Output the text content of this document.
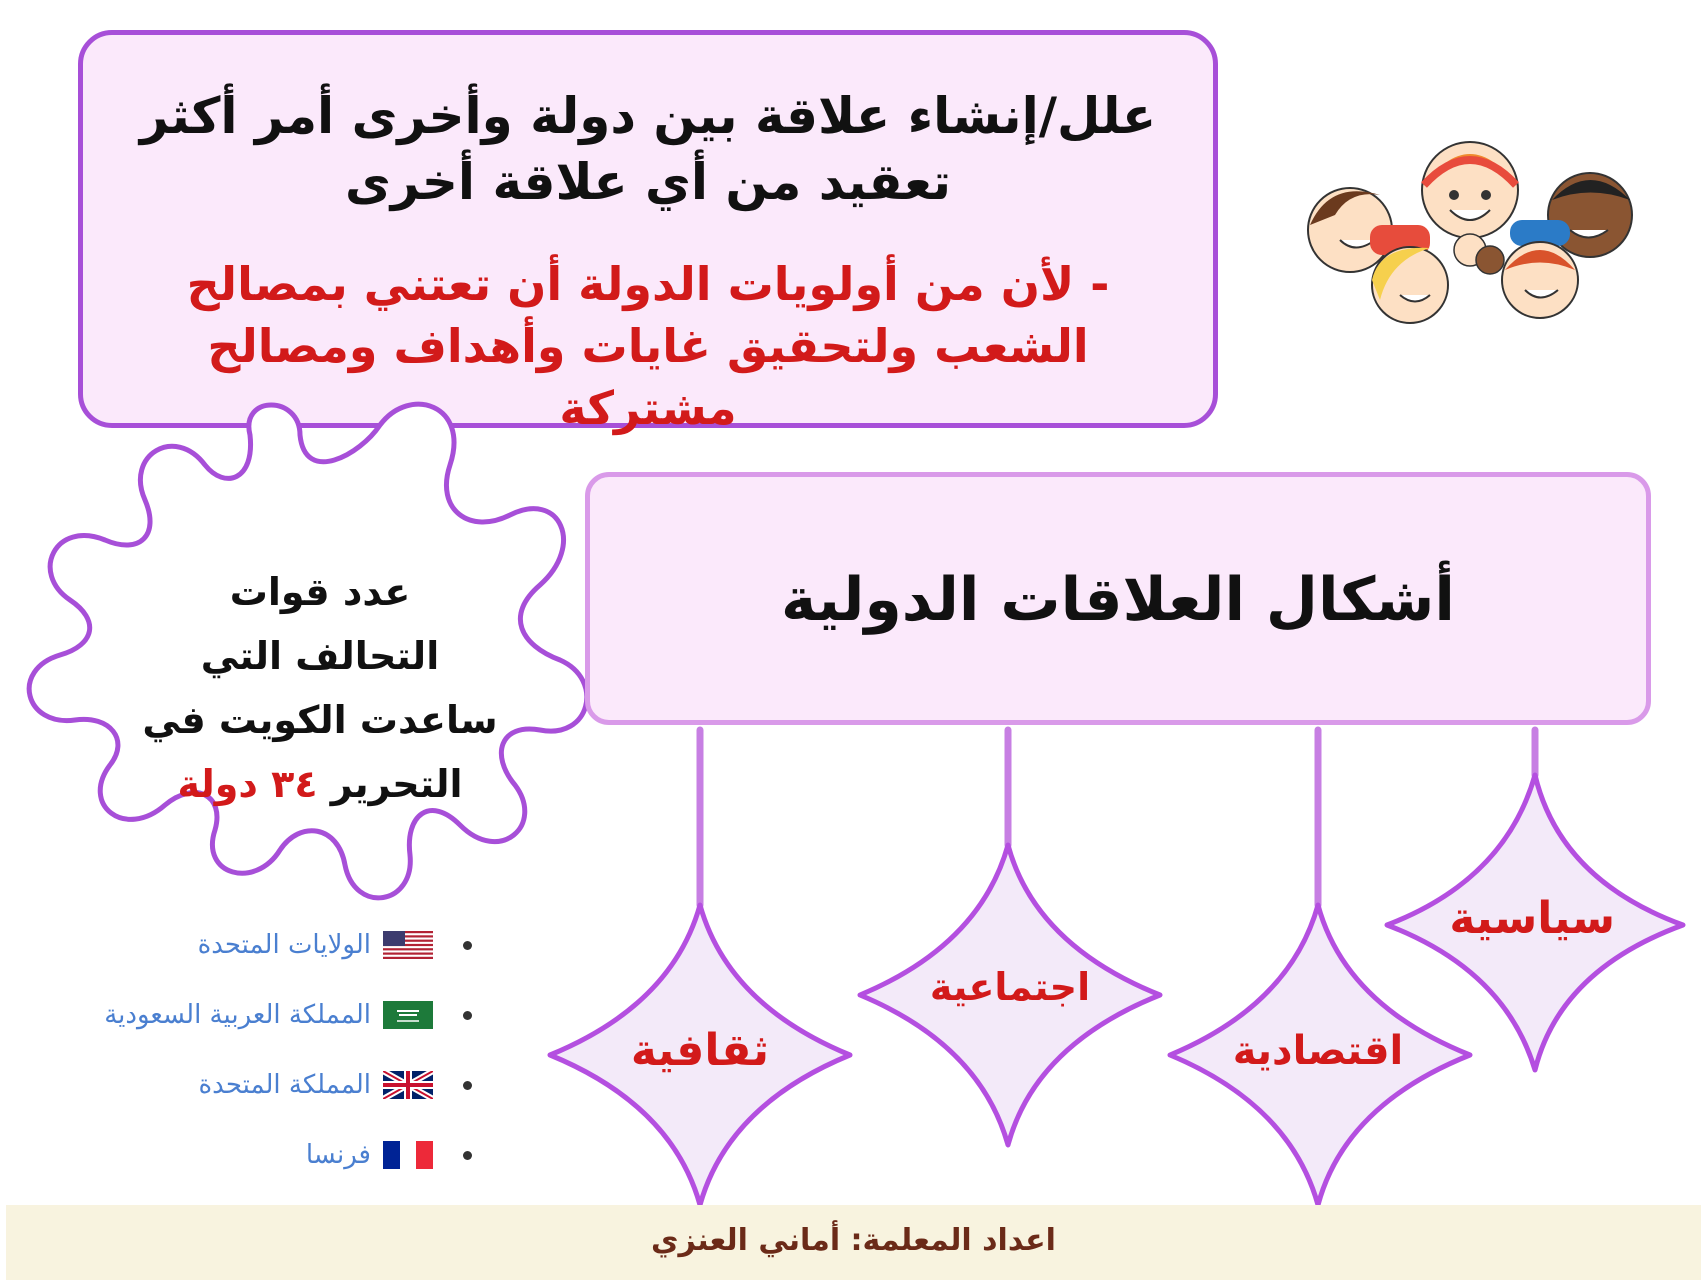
علل/إنشاء علاقة بين دولة وأخرى أمر أكثر تعقيد من أي علاقة أخرى
- لأن من أولويات الدولة أن تعتني بمصالح الشعب ولتحقيق غايات وأهداف ومصالح مشتركة
عدد قوات
التحالف التي
ساعدت الكويت في
التحرير ٣٤ دولة
أشكال العلاقات الدولية
سياسية
اقتصادية
اجتماعية
ثقافية
الولايات المتحدة
المملكة العربية السعودية
المملكة المتحدة
فرنسا
اعداد المعلمة: أماني العنزي
